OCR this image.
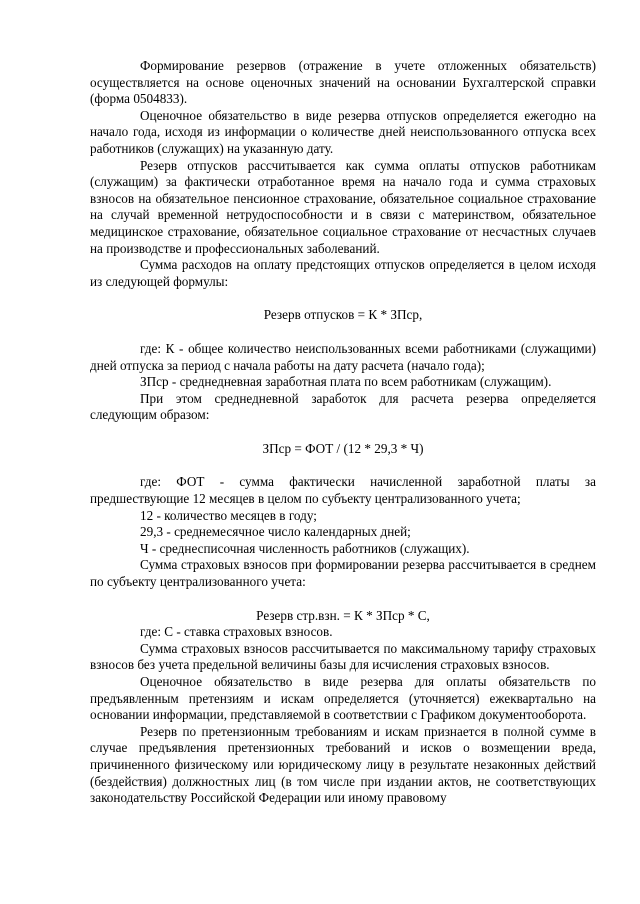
Формирование резервов (отражение в учете отложенных обязательств) осуществляется на основе оценочных значений на основании Бухгалтерской справки (форма 0504833).

Оценочное обязательство в виде резерва отпусков определяется ежегодно на начало года, исходя из информации о количестве дней неиспользованного отпуска всех работников (служащих) на указанную дату.

Резерв отпусков рассчитывается как сумма оплаты отпусков работникам (служащим) за фактически отработанное время на начало года и сумма страховых взносов на обязательное пенсионное страхование, обязательное социальное страхование на случай временной нетрудоспособности и в связи с материнством, обязательное медицинское страхование, обязательное социальное страхование от несчастных случаев на производстве и профессиональных заболеваний.

Сумма расходов на оплату предстоящих отпусков определяется в целом исходя из следующей формулы:

Резерв отпусков = К * ЗПср,

где: К - общее количество неиспользованных всеми работниками (служащими) дней отпуска за период с начала работы на дату расчета (начало года);

ЗПср - среднедневная заработная плата по всем работникам (служащим).

При этом среднедневной заработок для расчета резерва определяется следующим образом:

ЗПср = ФОТ / (12 * 29,3 * Ч)

где: ФОТ - сумма фактически начисленной заработной платы за предшествующие 12 месяцев в целом по субъекту централизованного учета;

12 - количество месяцев в году;

29,3 - среднемесячное число календарных дней;

Ч - среднесписочная численность работников (служащих).

Сумма страховых взносов при формировании резерва рассчитывается в среднем по субъекту централизованного учета:

Резерв стр.взн. = К * ЗПср * С,

где: С - ставка страховых взносов.

Сумма страховых взносов рассчитывается по максимальному тарифу страховых взносов без учета предельной величины базы для исчисления страховых взносов.

Оценочное обязательство в виде резерва для оплаты обязательств по предъявленным претензиям и искам определяется (уточняется) ежеквартально на основании информации, представляемой в соответствии с Графиком документооборота.

Резерв по претензионным требованиям и искам признается в полной сумме в случае предъявления претензионных требований и исков о возмещении вреда, причиненного физическому или юридическому лицу в результате незаконных действий (бездействия) должностных лиц (в том числе при издании актов, не соответствующих законодательству Российской Федерации или иному правовому
